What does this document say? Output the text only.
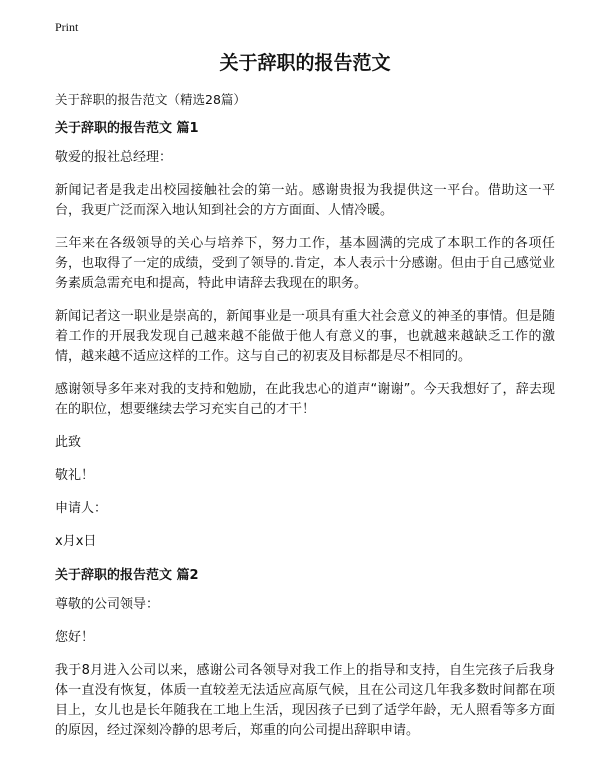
Print
关于辞职的报告范文
关于辞职的报告范文（精选28篇）
关于辞职的报告范文 篇1

敬爱的报社总经理：

新闻记者是我走出校园接触社会的第一站。感谢贵报为我提供这一平台。借助这一平台，我更广泛而深入地认知到社会的方方面面、人情冷暖。

三年来在各级领导的关心与培养下，努力工作，基本圆满的完成了本职工作的各项任务，也取得了一定的成绩，受到了领导的.肯定，本人表示十分感谢。但由于自己感觉业务素质急需充电和提高，特此申请辞去我现在的职务。

新闻记者这一职业是崇高的，新闻事业是一项具有重大社会意义的神圣的事情。但是随着工作的开展我发现自己越来越不能做于他人有意义的事，也就越来越缺乏工作的激情，越来越不适应这样的工作。这与自己的初衷及目标都是尽不相同的。

感谢领导多年来对我的支持和勉励，在此我忠心的道声“谢谢”。今天我想好了，辞去现在的职位，想要继续去学习充实自己的才干！

此致

敬礼！

申请人：

x月x日

关于辞职的报告范文 篇2

尊敬的公司领导：

您好！

我于8月进入公司以来，感谢公司各领导对我工作上的指导和支持，自生完孩子后我身体一直没有恢复，体质一直较差无法适应高原气候，且在公司这几年我多数时间都在项目上，女儿也是长年随我在工地上生活，现因孩子已到了适学年龄，无人照看等多方面的原因，经过深刻冷静的思考后，郑重的向公司提出辞职申请。
